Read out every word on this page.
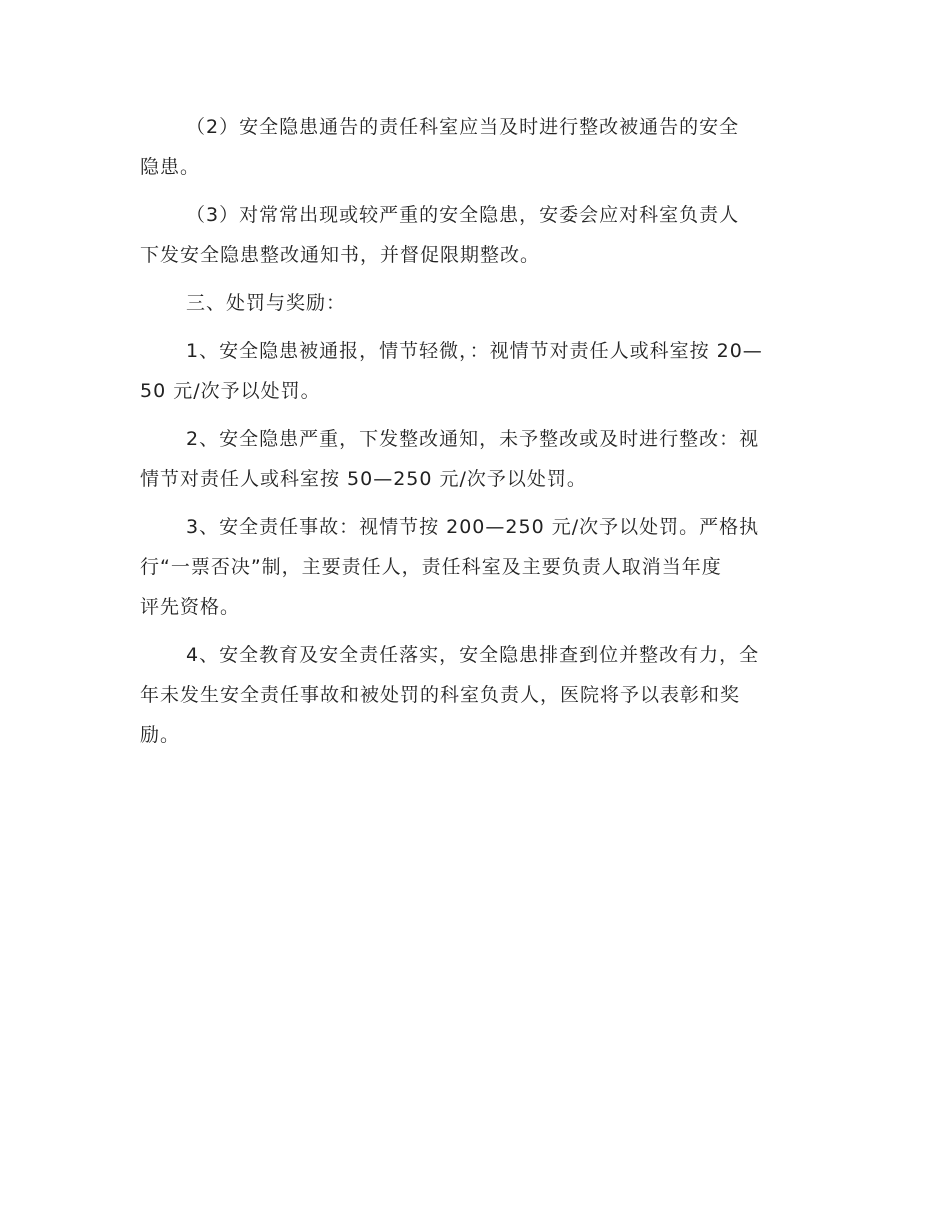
（2）安全隐患通告的责任科室应当及时进行整改被通告的安全
隐患。
（3）对常常出现或较严重的安全隐患，安委会应对科室负责人
下发安全隐患整改通知书，并督促限期整改。
三、处罚与奖励：
1、安全隐患被通报，情节轻微，：视情节对责任人或科室按 20—
50 元/次予以处罚。
2、安全隐患严重，下发整改通知，未予整改或及时进行整改：视
情节对责任人或科室按 50—250 元/次予以处罚。
3、安全责任事故：视情节按 200—250 元/次予以处罚。严格执
行“一票否决”制，主要责任人，责任科室及主要负责人取消当年度
评先资格。
4、安全教育及安全责任落实，安全隐患排查到位并整改有力，全
年未发生安全责任事故和被处罚的科室负责人，医院将予以表彰和奖
励。
